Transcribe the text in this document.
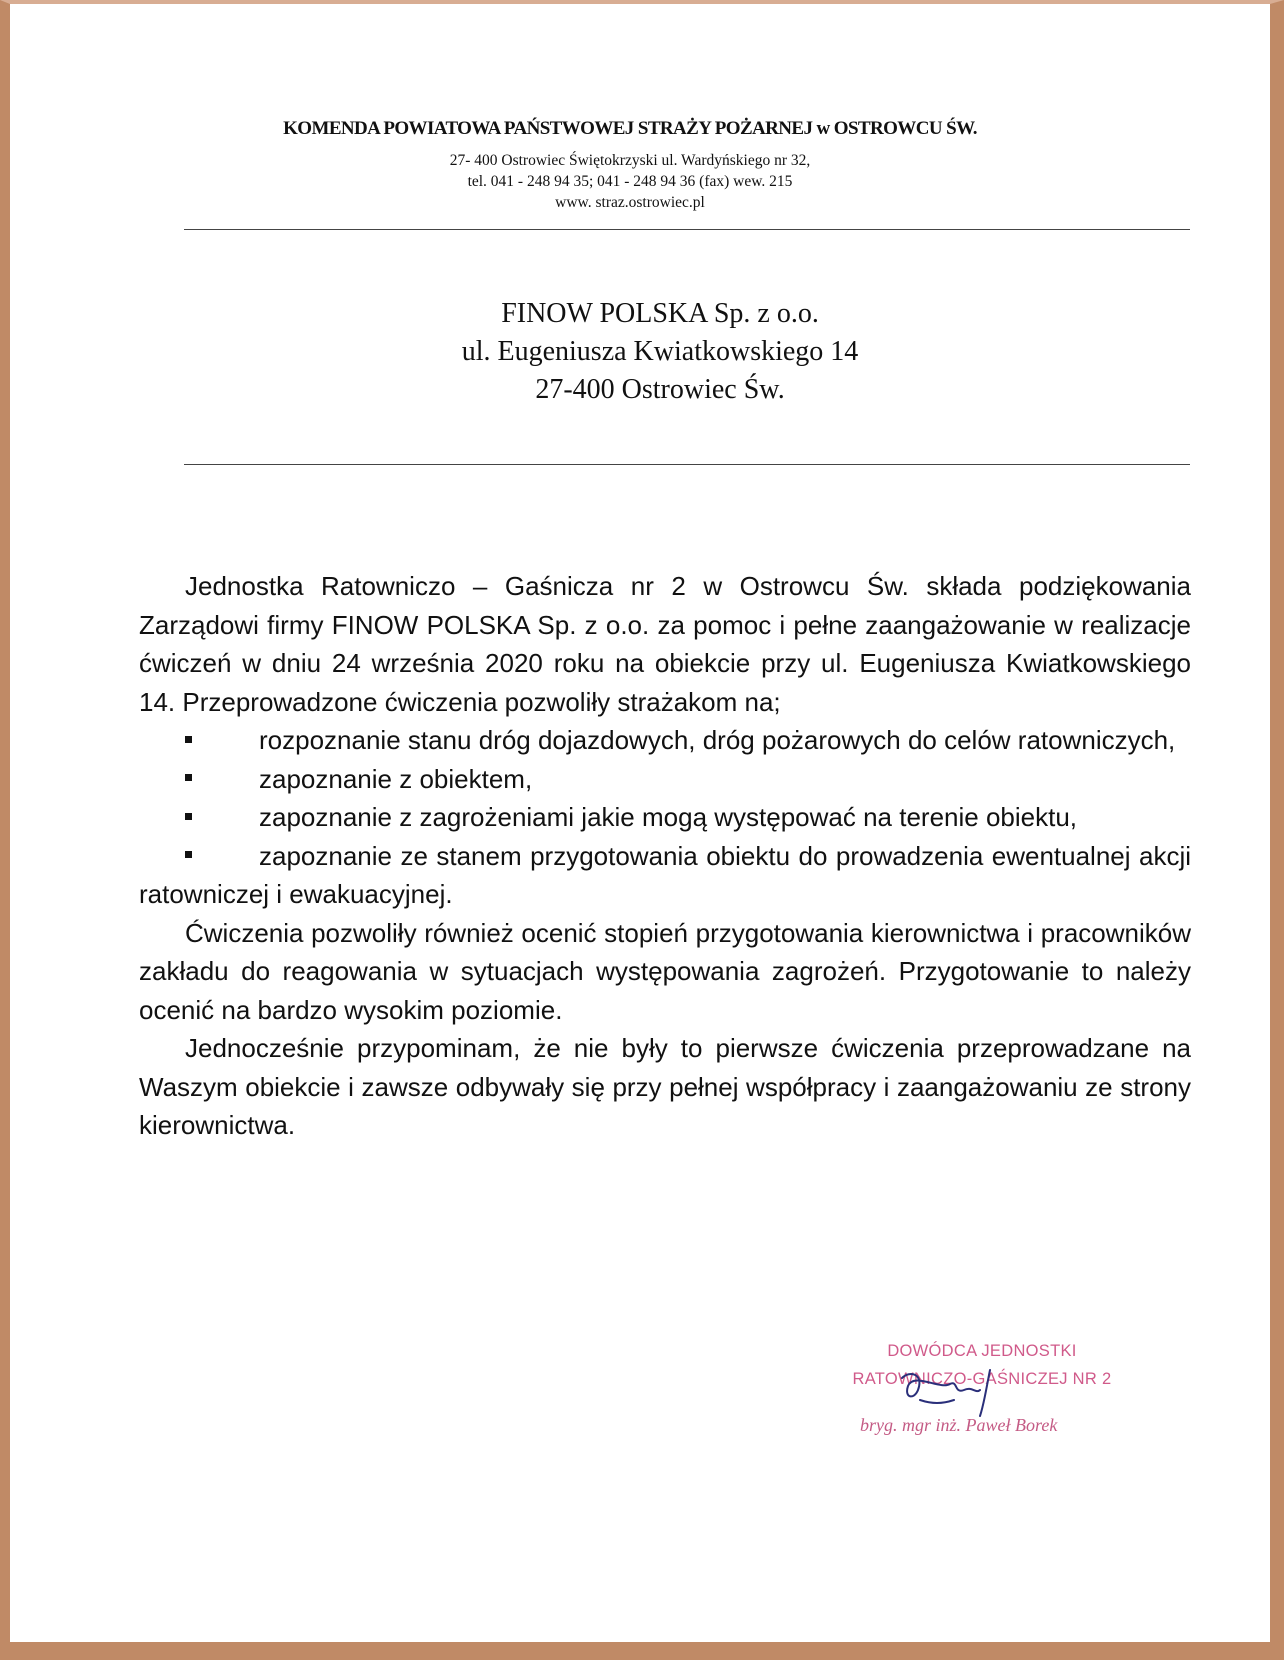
KOMENDA POWIATOWA PAŃSTWOWEJ STRAŻY POŻARNEJ w OSTROWCU ŚW.
27- 400 Ostrowiec Świętokrzyski ul. Wardyńskiego nr 32,
tel. 041 - 248 94 35; 041 - 248 94 36 (fax) wew. 215
www. straz.ostrowiec.pl
FINOW POLSKA Sp. z o.o.
ul. Eugeniusza Kwiatkowskiego 14
27-400 Ostrowiec Św.

Jednostka Ratowniczo – Gaśnicza nr 2 w Ostrowcu Św. składa podziękowania Zarządowi firmy FINOW POLSKA Sp. z o.o. za pomoc i pełne zaangażowanie w realizacje ćwiczeń w dniu 24 września 2020 roku na obiekcie przy ul. Eugeniusza Kwiatkowskiego 14. Przeprowadzone ćwiczenia pozwoliły strażakom na;

rozpoznanie stanu dróg dojazdowych, dróg pożarowych do celów ratowniczych,

zapoznanie z obiektem,

zapoznanie z zagrożeniami jakie mogą występować na terenie obiektu,

zapoznanie ze stanem przygotowania obiektu do prowadzenia ewentualnej akcji ratowniczej i ewakuacyjnej.

Ćwiczenia pozwoliły również ocenić stopień przygotowania kierownictwa i pracowników zakładu do reagowania w sytuacjach występowania zagrożeń. Przygotowanie to należy ocenić na bardzo wysokim poziomie.

Jednocześnie przypominam, że nie były to pierwsze ćwiczenia przeprowadzane na Waszym obiekcie i zawsze odbywały się przy pełnej współpracy i zaangażowaniu ze strony kierownictwa.

DOWÓDCA JEDNOSTKI
RATOWNICZO-GAŚNICZEJ NR 2
bryg. mgr inż. Paweł Borek
